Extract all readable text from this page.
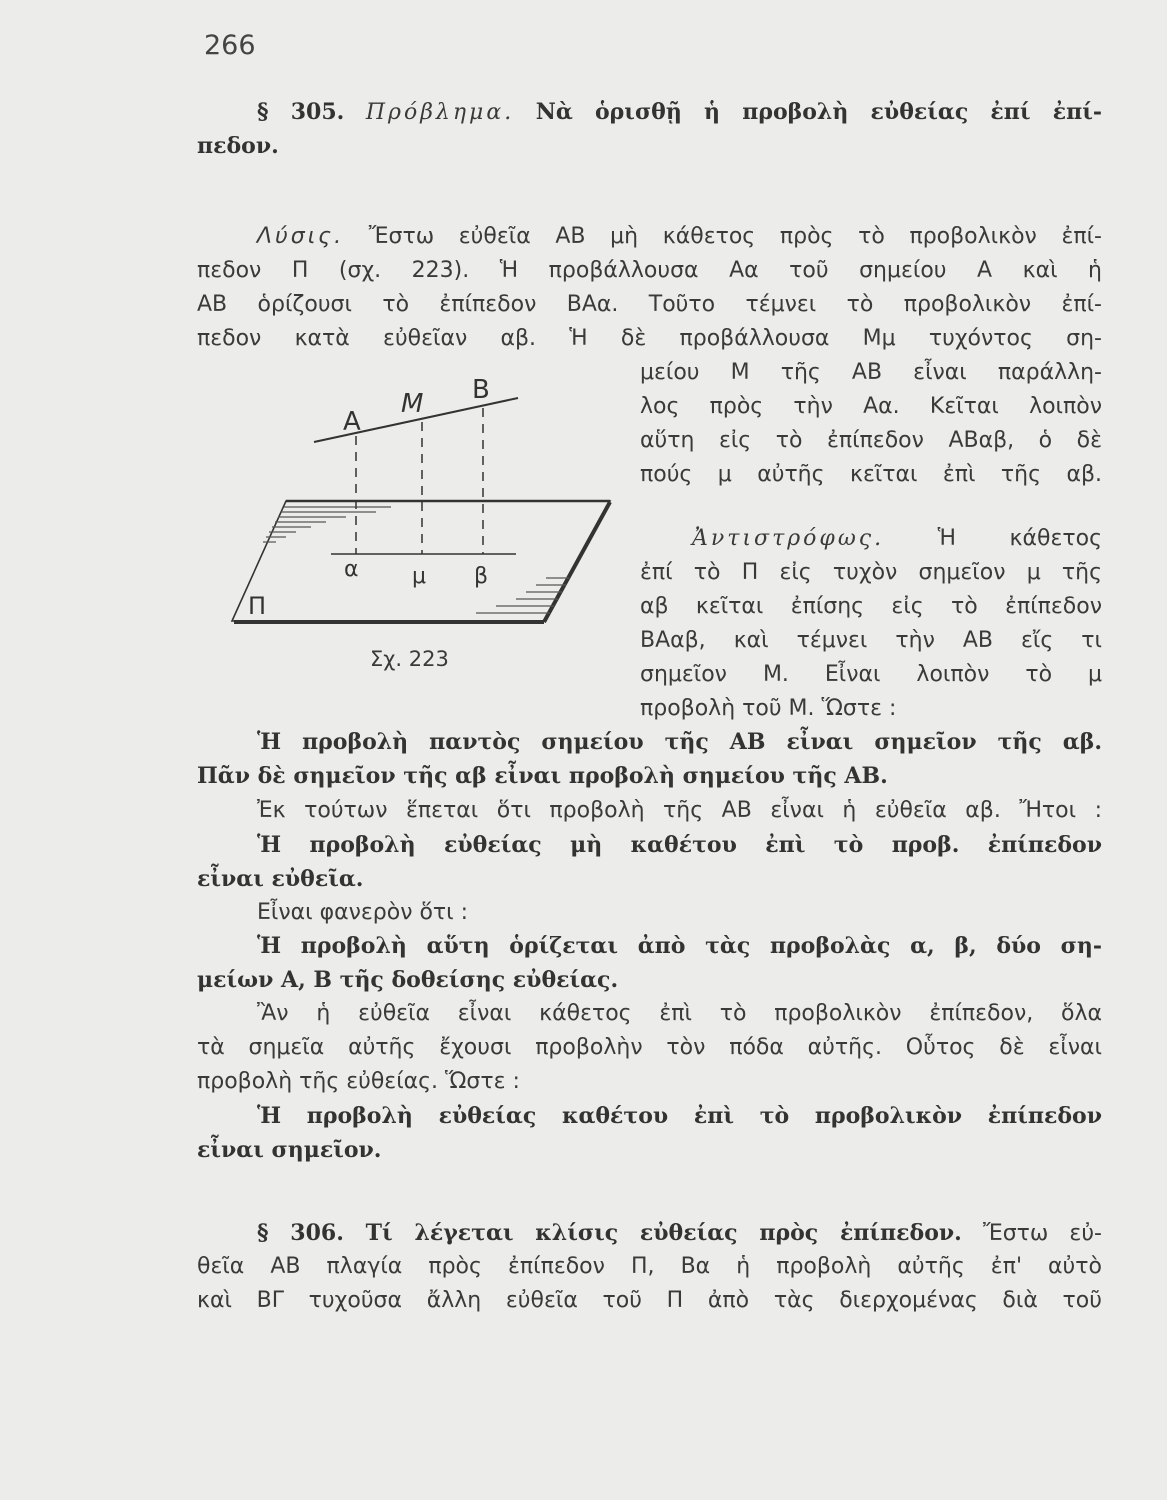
266
§ 305. Πρόβλημα. Νὰ ὁρισθῇ ἡ προβολὴ εὐθείας ἐπί ἐπί-
πεδον.
Λύσις. Ἔστω εὐθεῖα ΑΒ μὴ κάθετος πρὸς τὸ προβολικὸν ἐπί-
πεδον Π (σχ. 223). Ἡ προβάλλουσα Αα τοῦ σημείου Α καὶ ἡ
ΑΒ ὁρίζουσι τὸ ἐπίπεδον ΒΑα. Τοῦτο τέμνει τὸ προβολικὸν ἐπί-
πεδον κατὰ εὐθεῖαν αβ. Ἡ δὲ προβάλλουσα Μμ τυχόντος ση-
μείου Μ τῆς ΑΒ εἶναι παράλλη-
λος πρὸς τὴν Αα. Κεῖται λοιπὸν
αὕτη εἰς τὸ ἐπίπεδον ΑΒαβ, ὁ δὲ
πούς μ αὐτῆς κεῖται ἐπὶ τῆς αβ.
Α
Μ Β
α μ β
Π
Σχ. 223
Ἀντιστρόφως. Ἡ κάθετος
ἐπί τὸ Π εἰς τυχὸν σημεῖον μ τῆς
αβ κεῖται ἐπίσης εἰς τὸ ἐπίπεδον
ΒΑαβ, καὶ τέμνει τὴν ΑΒ εἴς τι
σημεῖον Μ. Εἶναι λοιπὸν τὸ μ
προβολὴ τοῦ Μ. Ὥστε :
Ἡ προβολὴ παντὸς σημείου τῆς ΑΒ εἶναι σημεῖον τῆς αβ.
Πᾶν δὲ σημεῖον τῆς αβ εἶναι προβολὴ σημείου τῆς ΑΒ.
Ἐκ τούτων ἕπεται ὅτι προβολὴ τῆς ΑΒ εἶναι ἡ εὐθεῖα αβ. Ἤτοι :
Ἡ προβολὴ εὐθείας μὴ καθέτου ἐπὶ τὸ προβ. ἐπίπεδον
εἶναι εὐθεῖα.
Εἶναι φανερὸν ὅτι :
Ἡ προβολὴ αὕτη ὁρίζεται ἀπὸ τὰς προβολὰς α, β, δύο ση-
μείων Α, Β τῆς δοθείσης εὐθείας.
Ἂν ἡ εὐθεῖα εἶναι κάθετος ἐπὶ τὸ προβολικὸν ἐπίπεδον, ὅλα
τὰ σημεῖα αὐτῆς ἔχουσι προβολὴν τὸν πόδα αὐτῆς. Οὗτος δὲ εἶναι
προβολὴ τῆς εὐθείας. Ὥστε :
Ἡ προβολὴ εὐθείας καθέτου ἐπὶ τὸ προβολικὸν ἐπίπεδον
εἶναι σημεῖον.
§ 306. Τί λέγεται κλίσις εὐθείας πρὸς ἐπίπεδον. Ἔστω εὐ-
θεῖα ΑΒ πλαγία πρὸς ἐπίπεδον Π, Βα ἡ προβολὴ αὐτῆς ἐπ' αὐτὸ
καὶ ΒΓ τυχοῦσα ἄλλη εὐθεῖα τοῦ Π ἀπὸ τὰς διερχομένας διὰ τοῦ
